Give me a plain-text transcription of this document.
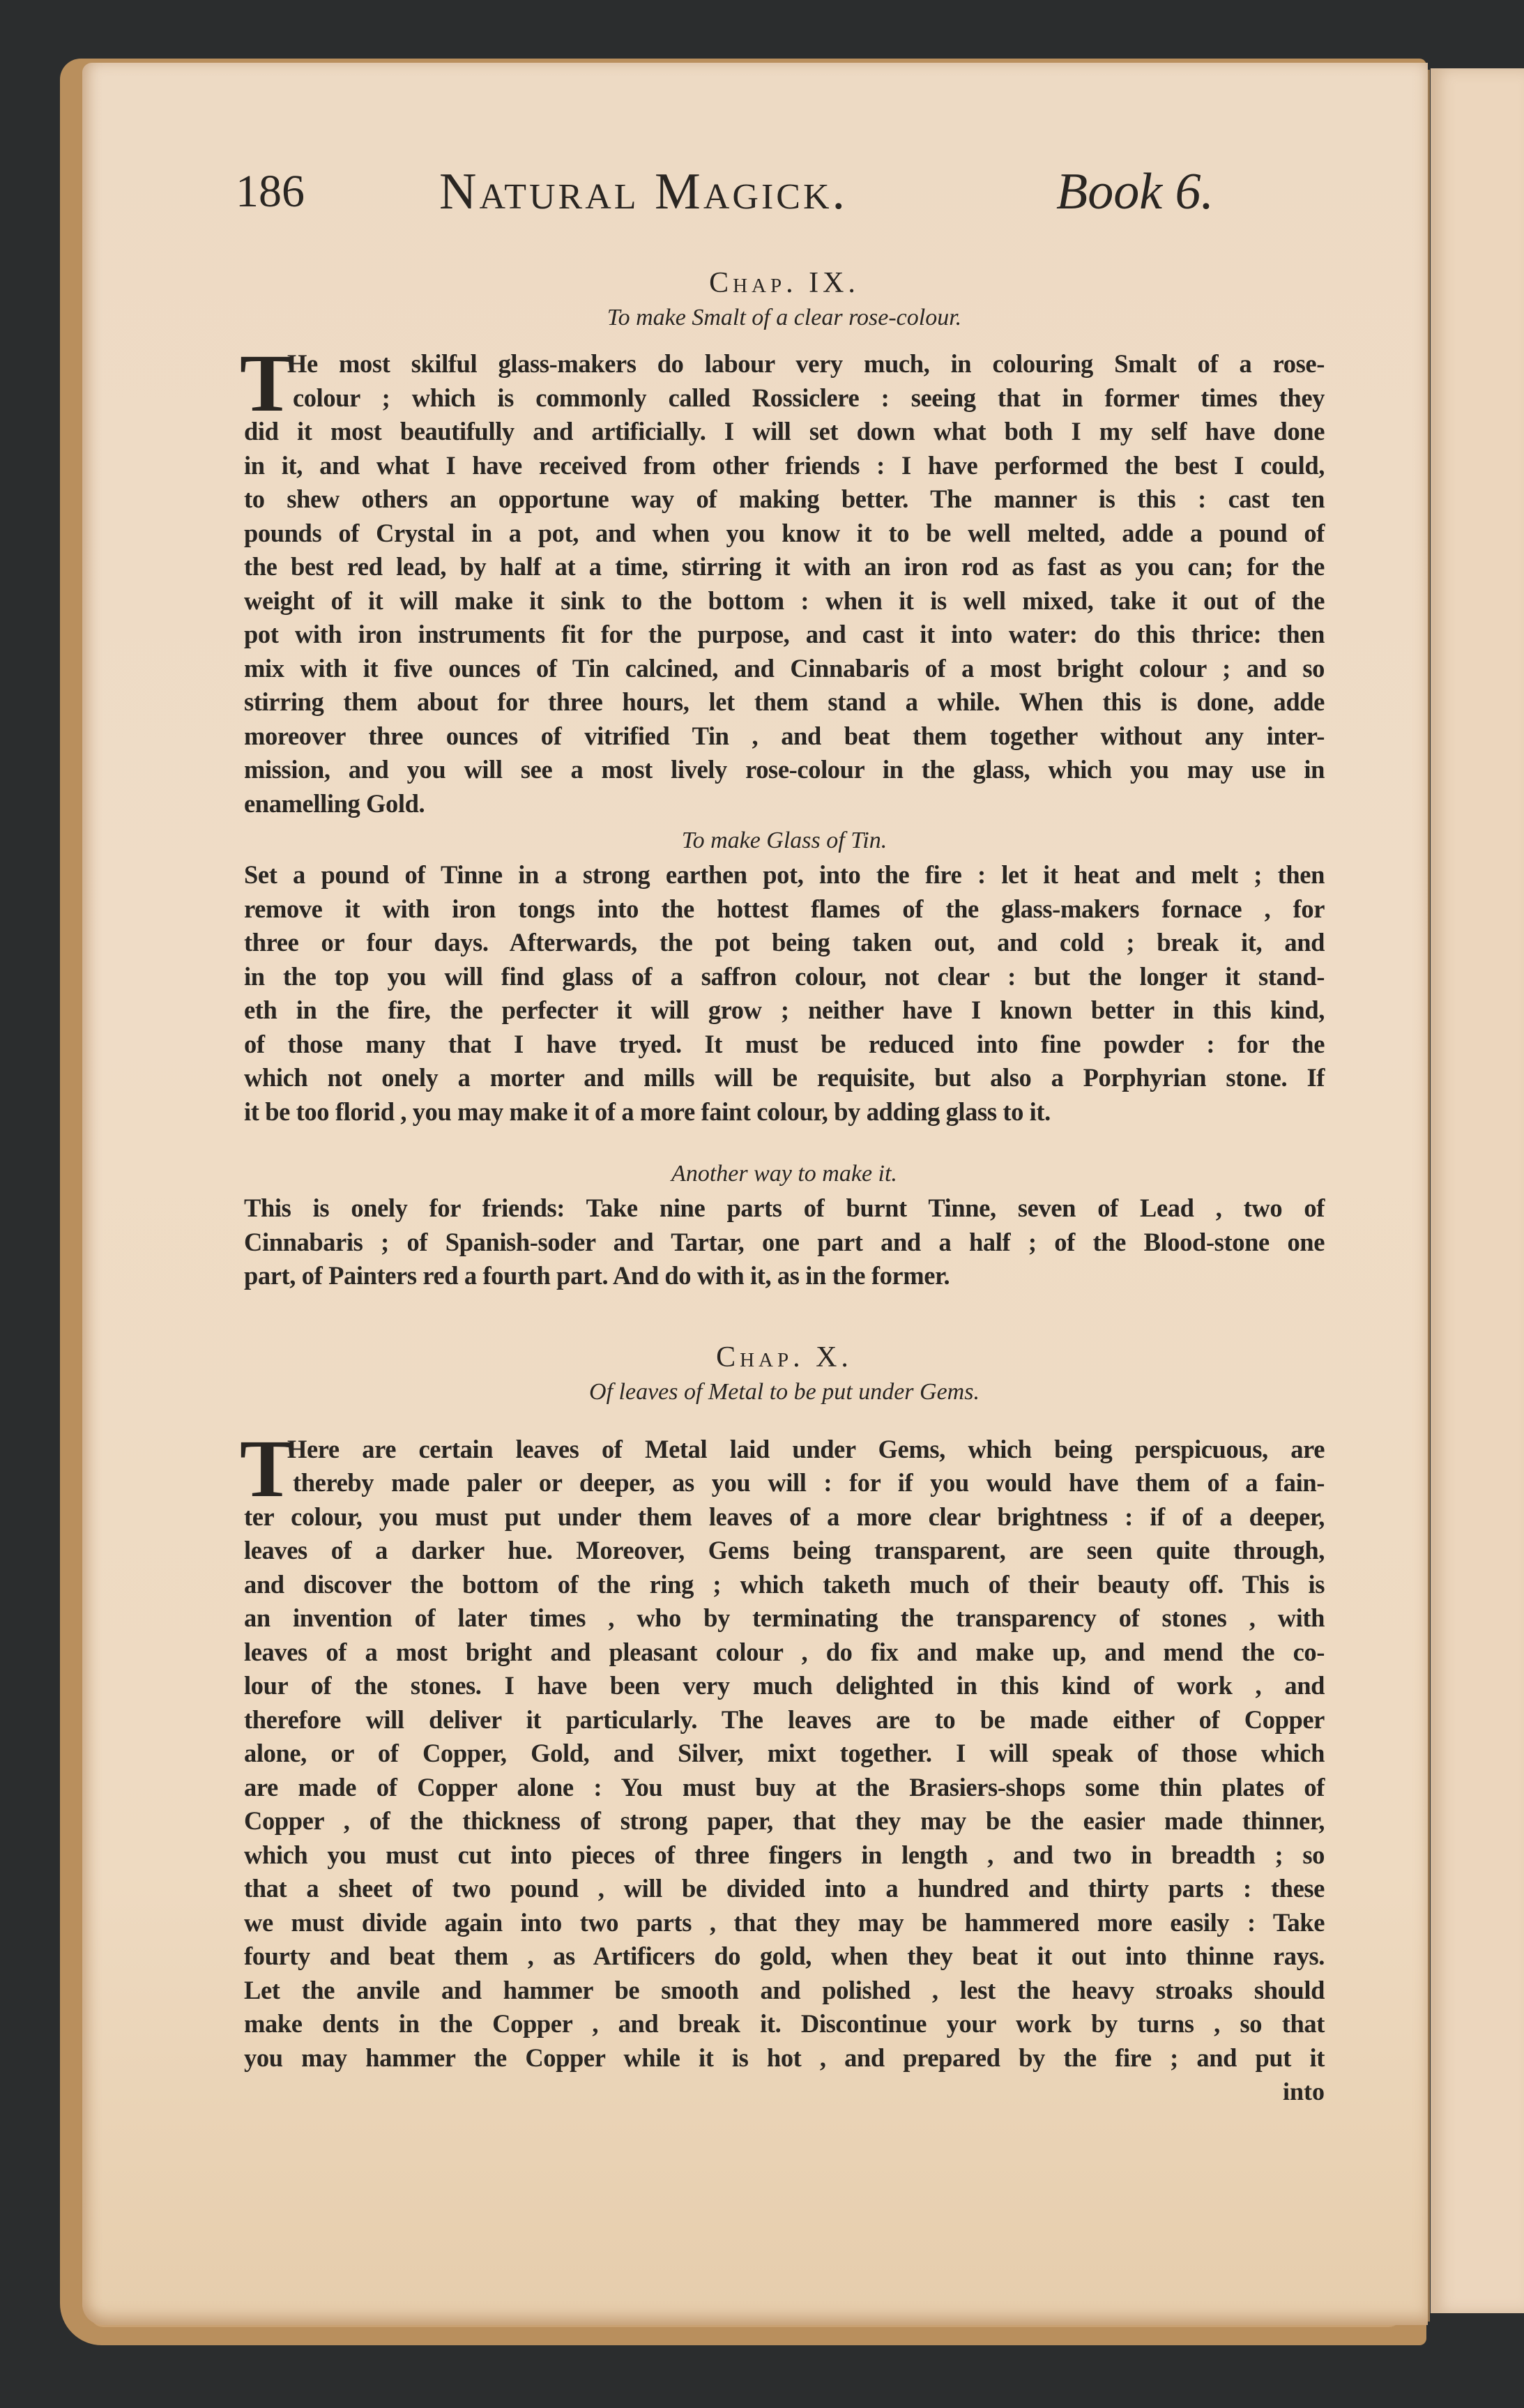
186	Natural Magick.	Book 6.
Chap. IX.
To make Smalt of a clear rose-colour.
T
He most skilful glass-makers do labour very much, in colouring Smalt of a rose-
colour ; which is commonly called Rossiclere : seeing that in former times they
did it most beautifully and artificially. I will set down what both I my self have done
in it, and what I have received from other friends : I have performed the best I could,
to shew others an opportune way of making better. The manner is this : cast ten
pounds of Crystal in a pot, and when you know it to be well melted, adde a pound of
the best red lead, by half at a time, stirring it with an iron rod as fast as you can; for the
weight of it will make it sink to the bottom : when it is well mixed, take it out of the
pot with iron instruments fit for the purpose, and cast it into water: do this thrice: then
mix with it five ounces of Tin calcined, and Cinnabaris of a most bright colour ; and so
stirring them about for three hours, let them stand a while. When this is done, adde
moreover three ounces of vitrified Tin , and beat them together without any inter-
mission, and you will see a most lively rose-colour in the glass, which you may use in
enamelling Gold.
To make Glass of Tin.
Set a pound of Tinne in a strong earthen pot, into the fire : let it heat and melt ; then
remove it with iron tongs into the hottest flames of the glass-makers fornace , for
three or four days. Afterwards, the pot being taken out, and cold ; break it, and
in the top you will find glass of a saffron colour, not clear : but the longer it stand-
eth in the fire, the perfecter it will grow ; neither have I known better in this kind,
of those many that I have tryed. It must be reduced into fine powder : for the
which not onely a morter and mills will be requisite, but also a Porphyrian stone. If
it be too florid , you may make it of a more faint colour, by adding glass to it.
Another way to make it.
This is onely for friends: Take nine parts of burnt Tinne, seven of Lead , two of
Cinnabaris ; of Spanish-soder and Tartar, one part and a half ; of the Blood-stone one
part, of Painters red a fourth part. And do with it, as in the former.
Chap. X.
Of leaves of Metal to be put under Gems.
T
Here are certain leaves of Metal laid under Gems, which being perspicuous, are
thereby made paler or deeper, as you will : for if you would have them of a fain-
ter colour, you must put under them leaves of a more clear brightness : if of a deeper,
leaves of a darker hue. Moreover, Gems being transparent, are seen quite through,
and discover the bottom of the ring ; which taketh much of their beauty off. This is
an invention of later times , who by terminating the transparency of stones , with
leaves of a most bright and pleasant colour , do fix and make up, and mend the co-
lour of the stones. I have been very much delighted in this kind of work , and
therefore will deliver it particularly. The leaves are to be made either of Copper
alone, or of Copper, Gold, and Silver, mixt together. I will speak of those which
are made of Copper alone : You must buy at the Brasiers-shops some thin plates of
Copper , of the thickness of strong paper, that they may be the easier made thinner,
which you must cut into pieces of three fingers in length , and two in breadth ; so
that a sheet of two pound , will be divided into a hundred and thirty parts : these
we must divide again into two parts , that they may be hammered more easily : Take
fourty and beat them , as Artificers do gold, when they beat it out into thinne rays.
Let the anvile and hammer be smooth and polished , lest the heavy stroaks should
make dents in the Copper , and break it. Discontinue your work by turns , so that
you may hammer the Copper while it is hot , and prepared by the fire ; and put it
into
